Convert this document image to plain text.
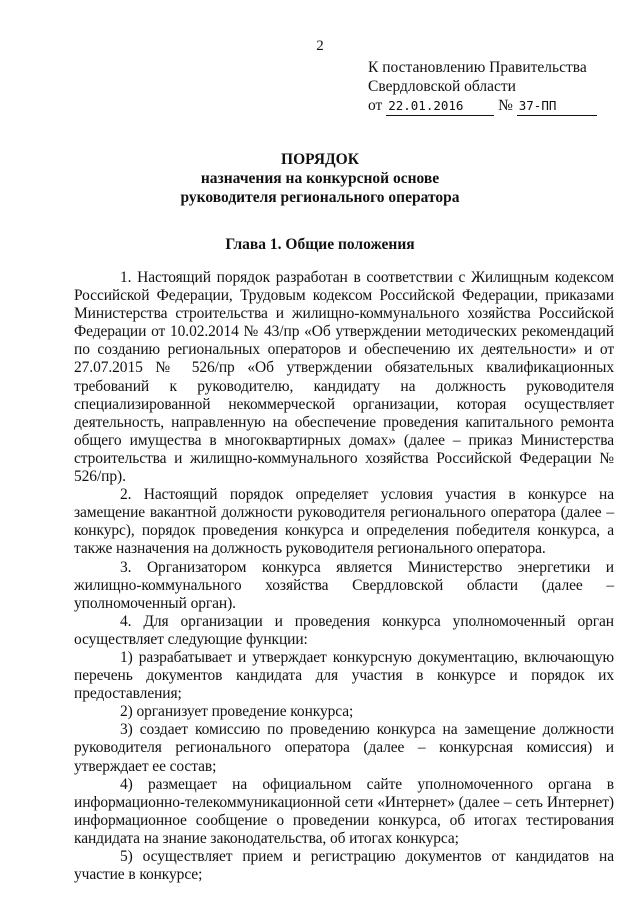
2
К постановлению Правительства
Свердловской области
от 22.01.2016 № 37-ПП
ПОРЯДОК
назначения на конкурсной основе
руководителя регионального оператора
Глава 1. Общие положения

1. Настоящий порядок разработан в соответствии с Жилищным кодексом Российской Федерации, Трудовым кодексом Российской Федерации, приказами Министерства строительства и жилищно-коммунального хозяйства Российской Федерации от 10.02.2014 № 43/пр «Об утверждении методических рекомендаций по созданию региональных операторов и обеспечению их деятельности» и от 27.07.2015 № 526/пр «Об утверждении обязательных квалификационных требований к руководителю, кандидату на должность руководителя специализированной некоммерческой организации, которая осуществляет деятельность, направленную на обеспечение проведения капитального ремонта общего имущества в многоквартирных домах» (далее – приказ Министерства строительства и жилищно-коммунального хозяйства Российской Федерации № 526/пр).

2. Настоящий порядок определяет условия участия в конкурсе на замещение вакантной должности руководителя регионального оператора (далее – конкурс), порядок проведения конкурса и определения победителя конкурса, а также назначения на должность руководителя регионального оператора.

3. Организатором конкурса является Министерство энергетики и жилищно-коммунального хозяйства Свердловской области (далее – уполномоченный орган).

4. Для организации и проведения конкурса уполномоченный орган осуществляет следующие функции:

1) разрабатывает и утверждает конкурсную документацию, включающую перечень документов кандидата для участия в конкурсе и порядок их предоставления;

2) организует проведение конкурса;

3) создает комиссию по проведению конкурса на замещение должности руководителя регионального оператора (далее – конкурсная комиссия) и утверждает ее состав;

4) размещает на официальном сайте уполномоченного органа в информационно-телекоммуникационной сети «Интернет» (далее – сеть Интернет) информационное сообщение о проведении конкурса, об итогах тестирования кандидата на знание законодательства, об итогах конкурса;

5) осуществляет прием и регистрацию документов от кандидатов на участие в конкурсе;
